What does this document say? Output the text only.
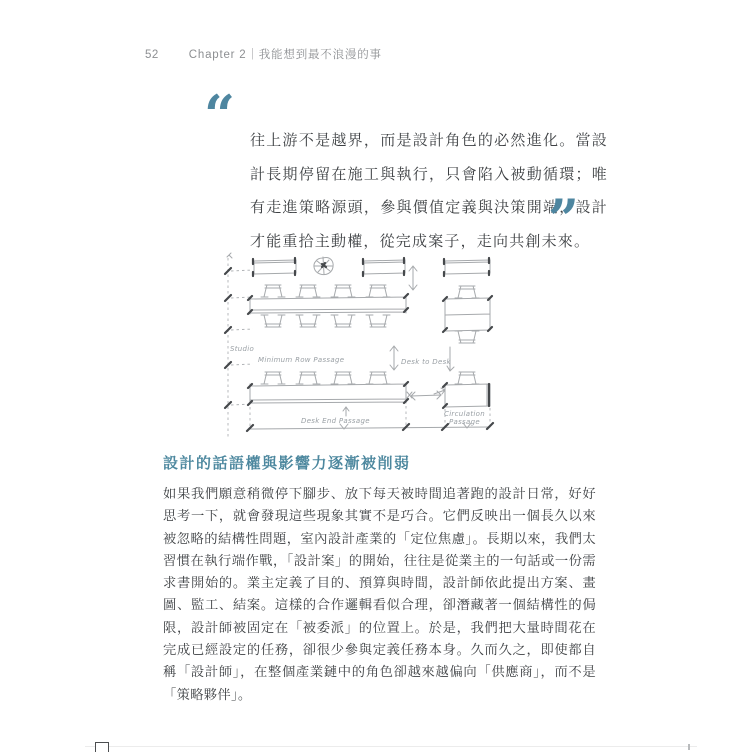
52	Chapter 2｜我能想到最不浪漫的事
“ 往上游不是越界，而是設計角色的必然進化。當設計長期停留在施工與執行，只會陷入被動循環；唯有走進策略源頭，參與價值定義與決策開端，設計才能重拾主動權，從完成案子，走向共創未來。
”
Studio
Minimum Row Passage	Desk to Desk
Desk End Passage
Circulation
Passage
設計的話語權與影響力逐漸被削弱

如果我們願意稍微停下腳步、放下每天被時間追著跑的設計日常，好好思考一下，就會發現這些現象其實不是巧合。它們反映出一個長久以來被忽略的結構性問題，室內設計產業的「定位焦慮」。長期以來，我們太習慣在執行端作戰，「設計案」的開始，往往是從業主的一句話或一份需求書開始的。業主定義了目的、預算與時間，設計師依此提出方案、畫圖、監工、結案。這樣的合作邏輯看似合理，卻潛藏著一個結構性的侷限，設計師被固定在「被委派」的位置上。於是，我們把大量時間花在完成已經設定的任務，卻很少參與定義任務本身。久而久之，即使都自稱「設計師」，在整個產業鏈中的角色卻越來越偏向「供應商」，而不是「策略夥伴」。
